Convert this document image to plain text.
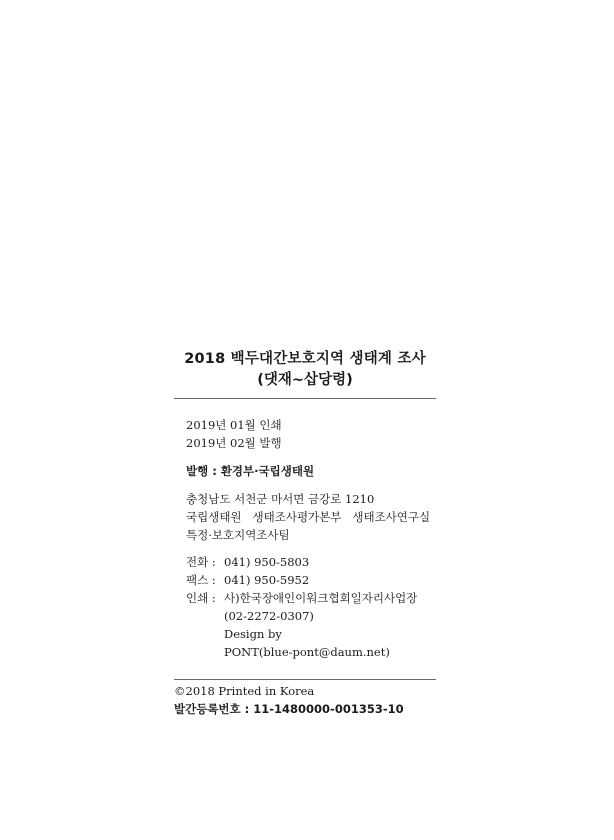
2018 백두대간보호지역 생태계 조사
(댓재~삽당령)
2019년 01월 인쇄
2019년 02월 발행
발행 : 환경부·국립생태원
충청남도 서천군 마서면 금강로 1210
국립생태원   생태조사평가본부   생태조사연구실
특정·보호지역조사팀
전화 : 041) 950-5803
팩스 : 041) 950-5952
인쇄 : 사)한국장애인이워크협회일자리사업장
(02-2272-0307)
Design by
PONT(blue-pont@daum.net)
©2018 Printed in Korea
발간등록번호 : 11-1480000-001353-10
